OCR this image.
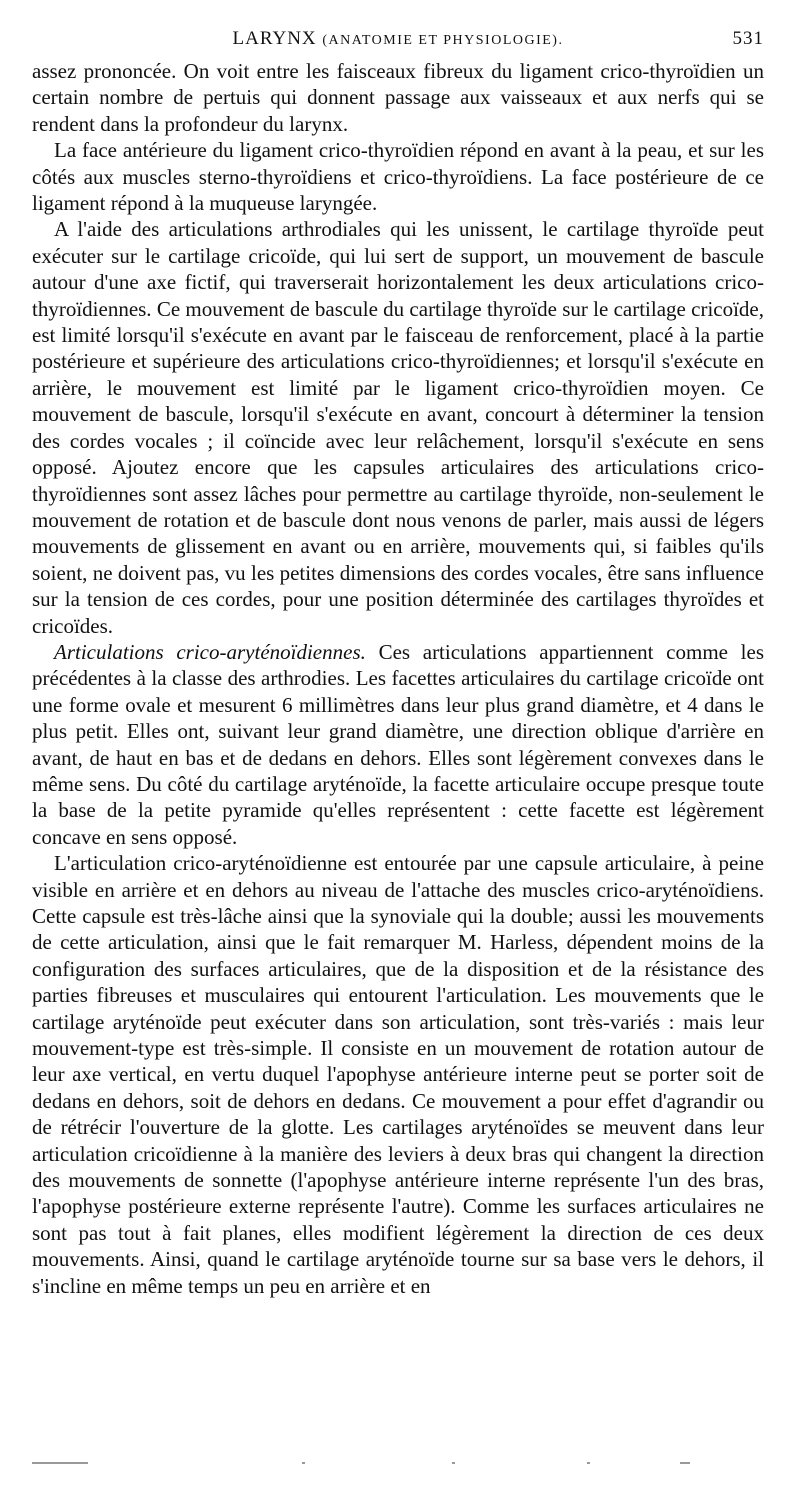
LARYNX (ANATOMIE ET PHYSIOLOGIE).	531

assez prononcée. On voit entre les faisceaux fibreux du ligament crico-thyroïdien un certain nombre de pertuis qui donnent passage aux vaisseaux et aux nerfs qui se rendent dans la profondeur du larynx.

La face antérieure du ligament crico-thyroïdien répond en avant à la peau, et sur les côtés aux muscles sterno-thyroïdiens et crico-thyroïdiens. La face postérieure de ce ligament répond à la muqueuse laryngée.

A l'aide des articulations arthrodiales qui les unissent, le cartilage thyroïde peut exécuter sur le cartilage cricoïde, qui lui sert de support, un mouvement de bascule autour d'une axe fictif, qui traverserait horizontalement les deux articulations crico-thyroïdiennes. Ce mouvement de bascule du cartilage thyroïde sur le cartilage cricoïde, est limité lorsqu'il s'exécute en avant par le faisceau de renforcement, placé à la partie postérieure et supérieure des articulations crico-thyroïdiennes; et lorsqu'il s'exécute en arrière, le mouvement est limité par le ligament crico-thyroïdien moyen. Ce mouvement de bascule, lorsqu'il s'exécute en avant, concourt à déterminer la tension des cordes vocales ; il coïncide avec leur relâchement, lorsqu'il s'exécute en sens opposé. Ajoutez encore que les capsules articulaires des articulations crico-thyroïdiennes sont assez lâches pour permettre au cartilage thyroïde, non-seulement le mouvement de rotation et de bascule dont nous venons de parler, mais aussi de légers mouvements de glissement en avant ou en arrière, mouvements qui, si faibles qu'ils soient, ne doivent pas, vu les petites dimensions des cordes vocales, être sans influence sur la tension de ces cordes, pour une position déterminée des cartilages thyroïdes et cricoïdes.

Articulations crico-aryténoïdiennes. Ces articulations appartiennent comme les précédentes à la classe des arthrodies. Les facettes articulaires du cartilage cricoïde ont une forme ovale et mesurent 6 millimètres dans leur plus grand diamètre, et 4 dans le plus petit. Elles ont, suivant leur grand diamètre, une direction oblique d'arrière en avant, de haut en bas et de dedans en dehors. Elles sont légèrement convexes dans le même sens. Du côté du cartilage aryténoïde, la facette articulaire occupe presque toute la base de la petite pyramide qu'elles représentent : cette facette est légèrement concave en sens opposé.

L'articulation crico-aryténoïdienne est entourée par une capsule articulaire, à peine visible en arrière et en dehors au niveau de l'attache des muscles crico-aryténoïdiens. Cette capsule est très-lâche ainsi que la synoviale qui la double; aussi les mouvements de cette articulation, ainsi que le fait remarquer M. Harless, dépendent moins de la configuration des surfaces articulaires, que de la disposition et de la résistance des parties fibreuses et musculaires qui entourent l'articulation. Les mouvements que le cartilage aryténoïde peut exécuter dans son articulation, sont très-variés : mais leur mouvement-type est très-simple. Il consiste en un mouvement de rotation autour de leur axe vertical, en vertu duquel l'apophyse antérieure interne peut se porter soit de dedans en dehors, soit de dehors en dedans. Ce mouvement a pour effet d'agrandir ou de rétrécir l'ouverture de la glotte. Les cartilages aryténoïdes se meuvent dans leur articulation cricoïdienne à la manière des leviers à deux bras qui changent la direction des mouvements de sonnette (l'apophyse antérieure interne représente l'un des bras, l'apophyse postérieure externe représente l'autre). Comme les surfaces articulaires ne sont pas tout à fait planes, elles modifient légèrement la direction de ces deux mouvements. Ainsi, quand le cartilage aryténoïde tourne sur sa base vers le dehors, il s'incline en même temps un peu en arrière et en
